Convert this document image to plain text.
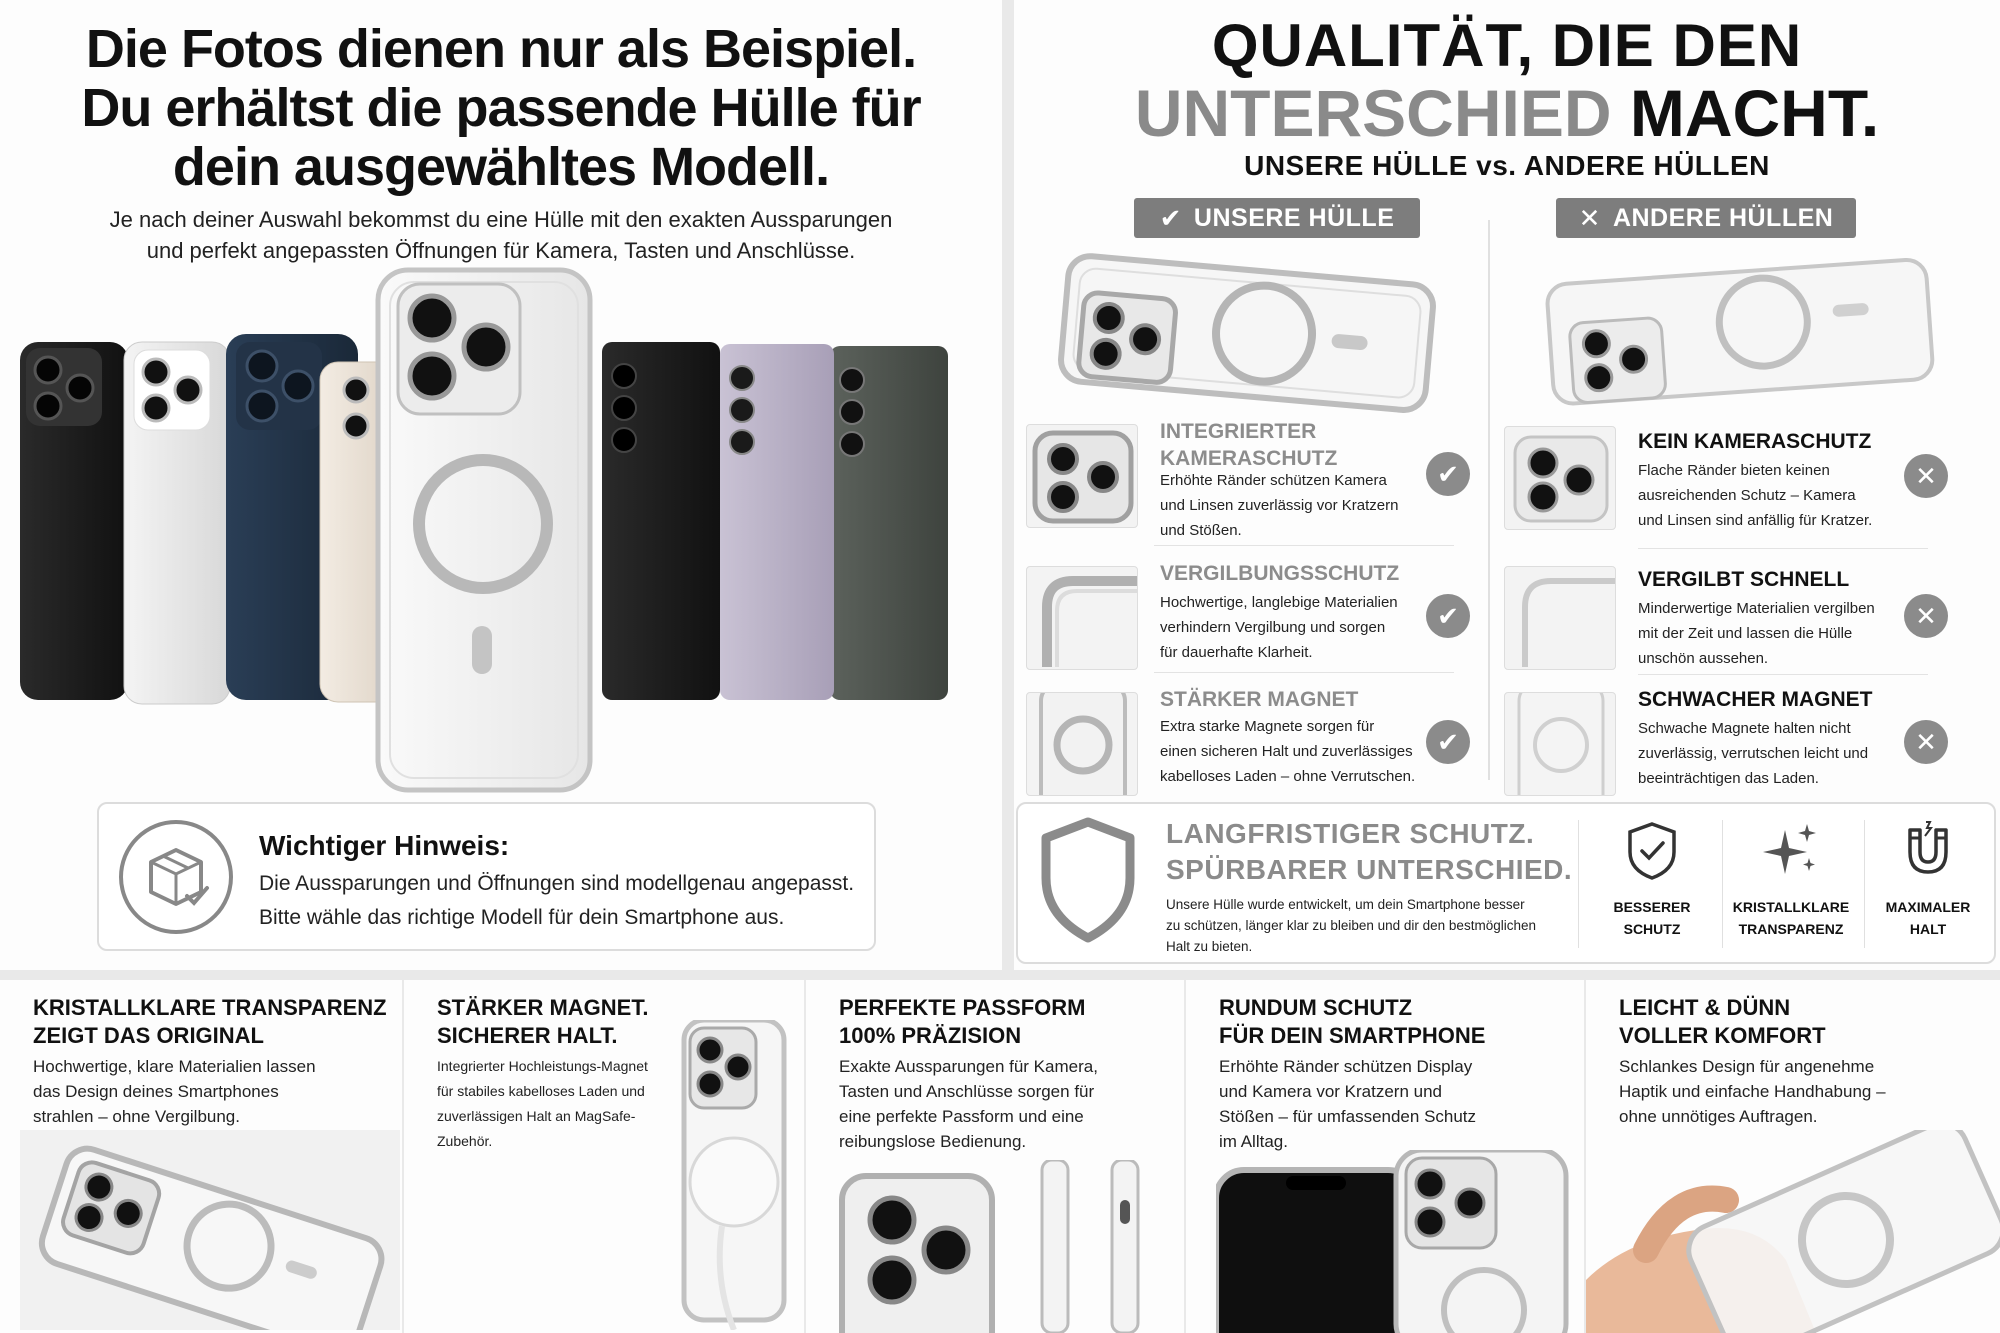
Die Fotos dienen nur als Beispiel.
Du erhältst die passende Hülle für
dein ausgewähltes Modell.
Je nach deiner Auswahl bekommst du eine Hülle mit den exakten Aussparungen
und perfekt angepassten Öffnungen für Kamera, Tasten und Anschlüsse.
Wichtiger Hinweis:
Die Aussparungen und Öffnungen sind modellgenau angepasst.
Bitte wähle das richtige Modell für dein Smartphone aus.
QUALITÄT, DIE DEN
UNTERSCHIED MACHT.
UNSERE HÜLLE vs. ANDERE HÜLLEN
✔ UNSERE HÜLLE	✕ ANDERE HÜLLEN
INTEGRIERTER
KAMERASCHUTZ
Erhöhte Ränder schützen Kamera
und Linsen zuverlässig vor Kratzern
und Stößen.
✔
VERGILBUNGSSCHUTZ
Hochwertige, langlebige Materialien
verhindern Vergilbung und sorgen
für dauerhafte Klarheit.
✔
STÄRKER MAGNET
Extra starke Magnete sorgen für
einen sicheren Halt und zuverlässiges
kabelloses Laden – ohne Verrutschen.
✔
KEIN KAMERASCHUTZ
Flache Ränder bieten keinen
ausreichenden Schutz – Kamera
und Linsen sind anfällig für Kratzer.
✕
VERGILBT SCHNELL
Minderwertige Materialien vergilben
mit der Zeit und lassen die Hülle
unschön aussehen.
✕
SCHWACHER MAGNET
Schwache Magnete halten nicht
zuverlässig, verrutschen leicht und
beeinträchtigen das Laden.
✕
LANGFRISTIGER SCHUTZ.
SPÜRBARER UNTERSCHIED.
Unsere Hülle wurde entwickelt, um dein Smartphone besser
zu schützen, länger klar zu bleiben und dir den bestmöglichen
Halt zu bieten.
BESSERER
SCHUTZ
KRISTALLKLARE
TRANSPARENZ
MAXIMALER
HALT
KRISTALLKLARE TRANSPARENZ
ZEIGT DAS ORIGINAL
Hochwertige, klare Materialien lassen
das Design deines Smartphones
strahlen – ohne Vergilbung.
STÄRKER MAGNET.
SICHERER HALT.
Integrierter Hochleistungs-Magnet
für stabiles kabelloses Laden und
zuverlässigen Halt an MagSafe-
Zubehör.
PERFEKTE PASSFORM
100% PRÄZISION
Exakte Aussparungen für Kamera,
Tasten und Anschlüsse sorgen für
eine perfekte Passform und eine
reibungslose Bedienung.
RUNDUM SCHUTZ
FÜR DEIN SMARTPHONE
Erhöhte Ränder schützen Display
und Kamera vor Kratzern und
Stößen – für umfassenden Schutz
im Alltag.
LEICHT & DÜNN
VOLLER KOMFORT
Schlankes Design für angenehme
Haptik und einfache Handhabung –
ohne unnötiges Auftragen.
